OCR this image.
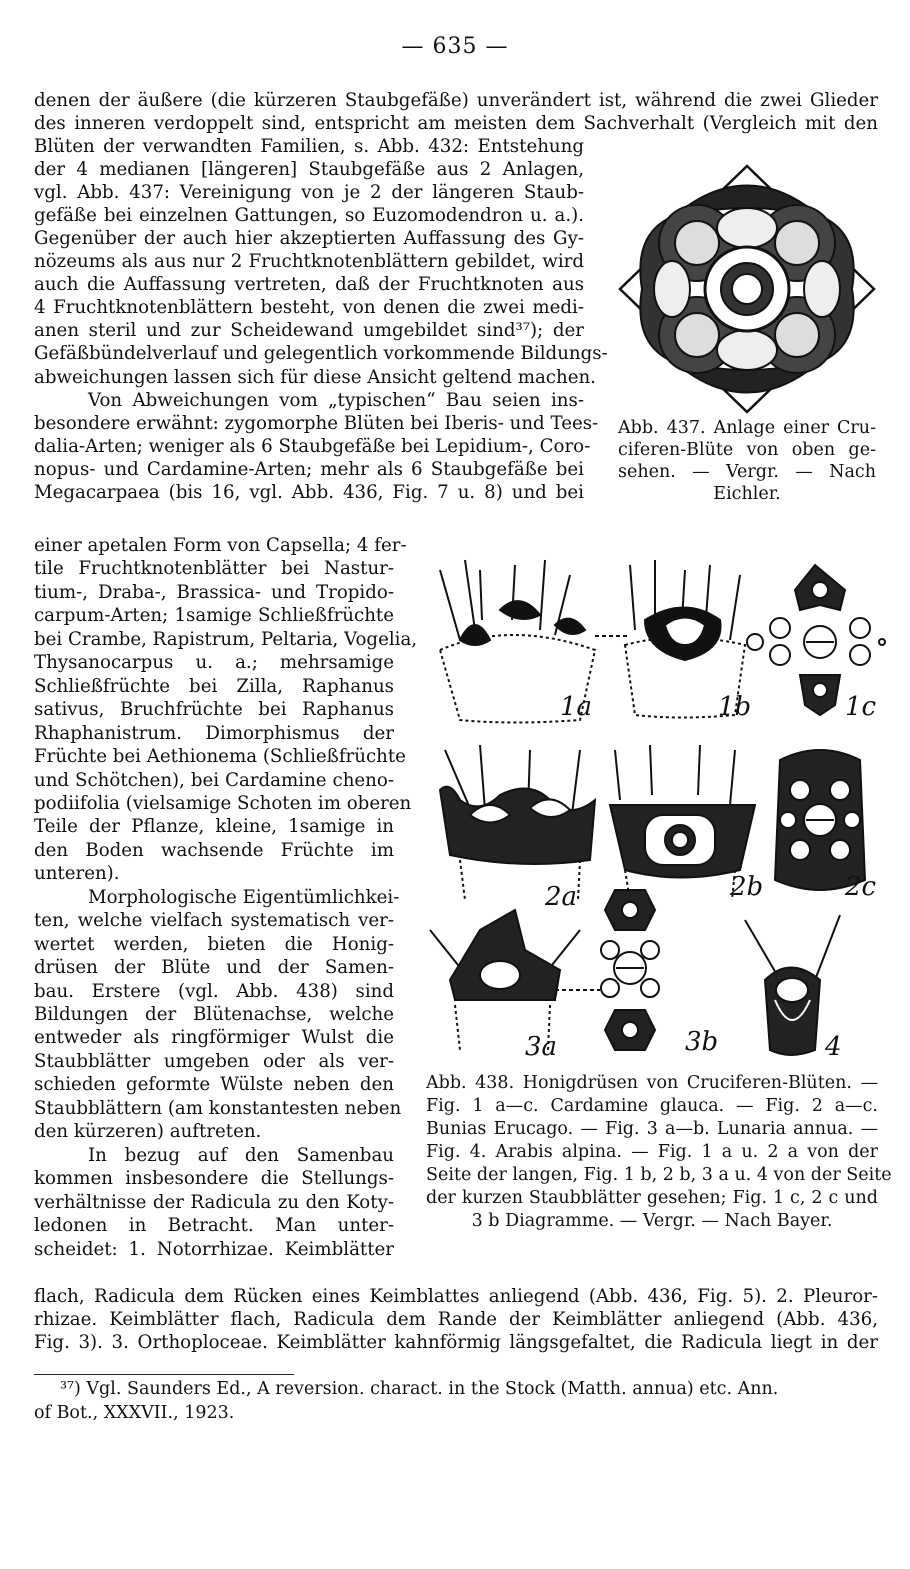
— 635 —
denen der äußere (die kürzeren Staubgefäße) unverändert ist, während die zwei Glieder
des inneren verdoppelt sind, entspricht am meisten dem Sachverhalt (Vergleich mit den
Blüten der verwandten Familien, s. Abb. 432: Entstehung
der 4 medianen [längeren] Staubgefäße aus 2 Anlagen,
vgl. Abb. 437: Vereinigung von je 2 der längeren Staub-
gefäße bei einzelnen Gattungen, so Euzomodendron u. a.).
Gegenüber der auch hier akzeptierten Auffassung des Gy-
nözeums als aus nur 2 Fruchtknotenblättern gebildet, wird
auch die Auffassung vertreten, daß der Fruchtknoten aus
4 Fruchtknotenblättern besteht, von denen die zwei medi-
anen steril und zur Scheidewand umgebildet sind³⁷); der
Gefäßbündelverlauf und gelegentlich vorkommende Bildungs-
abweichungen lassen sich für diese Ansicht geltend machen.
Von Abweichungen vom „typischen“ Bau seien ins-
besondere erwähnt: zygomorphe Blüten bei Iberis- und Tees-
dalia-Arten; weniger als 6 Staubgefäße bei Lepidium-, Coro-
nopus- und Cardamine-Arten; mehr als 6 Staubgefäße bei
Megacarpaea (bis 16, vgl. Abb. 436, Fig. 7 u. 8) und bei
einer apetalen Form von Capsella; 4 fer-
tile Fruchtknotenblätter bei Nastur-
tium-, Draba-, Brassica- und Tropido-
carpum-Arten; 1samige Schließfrüchte
bei Crambe, Rapistrum, Peltaria, Vogelia,
Thysanocarpus u. a.; mehrsamige
Schließfrüchte bei Zilla, Raphanus
sativus, Bruchfrüchte bei Raphanus
Rhaphanistrum. Dimorphismus der
Früchte bei Aethionema (Schließfrüchte
und Schötchen), bei Cardamine cheno-
podiifolia (vielsamige Schoten im oberen
Teile der Pflanze, kleine, 1samige in
den Boden wachsende Früchte im
unteren).
Morphologische Eigentümlichkei-
ten, welche vielfach systematisch ver-
wertet werden, bieten die Honig-
drüsen der Blüte und der Samen-
bau. Erstere (vgl. Abb. 438) sind
Bildungen der Blütenachse, welche
entweder als ringförmiger Wulst die
Staubblätter umgeben oder als ver-
schieden geformte Wülste neben den
Staubblättern (am konstantesten neben
den kürzeren) auftreten.
In bezug auf den Samenbau
kommen insbesondere die Stellungs-
verhältnisse der Radicula zu den Koty-
ledonen in Betracht. Man unter-
scheidet: 1. Notorrhizae. Keimblätter
flach, Radicula dem Rücken eines Keimblattes anliegend (Abb. 436, Fig. 5). 2. Pleuror-
rhizae. Keimblätter flach, Radicula dem Rande der Keimblätter anliegend (Abb. 436,
Fig. 3). 3. Orthoploceae. Keimblätter kahnförmig längsgefaltet, die Radicula liegt in der
Abb. 437. Anlage einer Cru-
ciferen-Blüte von oben ge-
sehen. — Vergr. — Nach
Eichler.
1a	1b	1c
2a	2b	2c
3a	3b	4
Abb. 438. Honigdrüsen von Cruciferen-Blüten. —
Fig. 1 a—c. Cardamine glauca. — Fig. 2 a—c.
Bunias Erucago. — Fig. 3 a—b. Lunaria annua. —
Fig. 4. Arabis alpina. — Fig. 1 a u. 2 a von der
Seite der langen, Fig. 1 b, 2 b, 3 a u. 4 von der Seite
der kurzen Staubblätter gesehen; Fig. 1 c, 2 c und
3 b Diagramme. — Vergr. — Nach Bayer.
³⁷) Vgl. Saunders Ed., A reversion. charact. in the Stock (Matth. annua) etc. Ann.
of Bot., XXXVII., 1923.
